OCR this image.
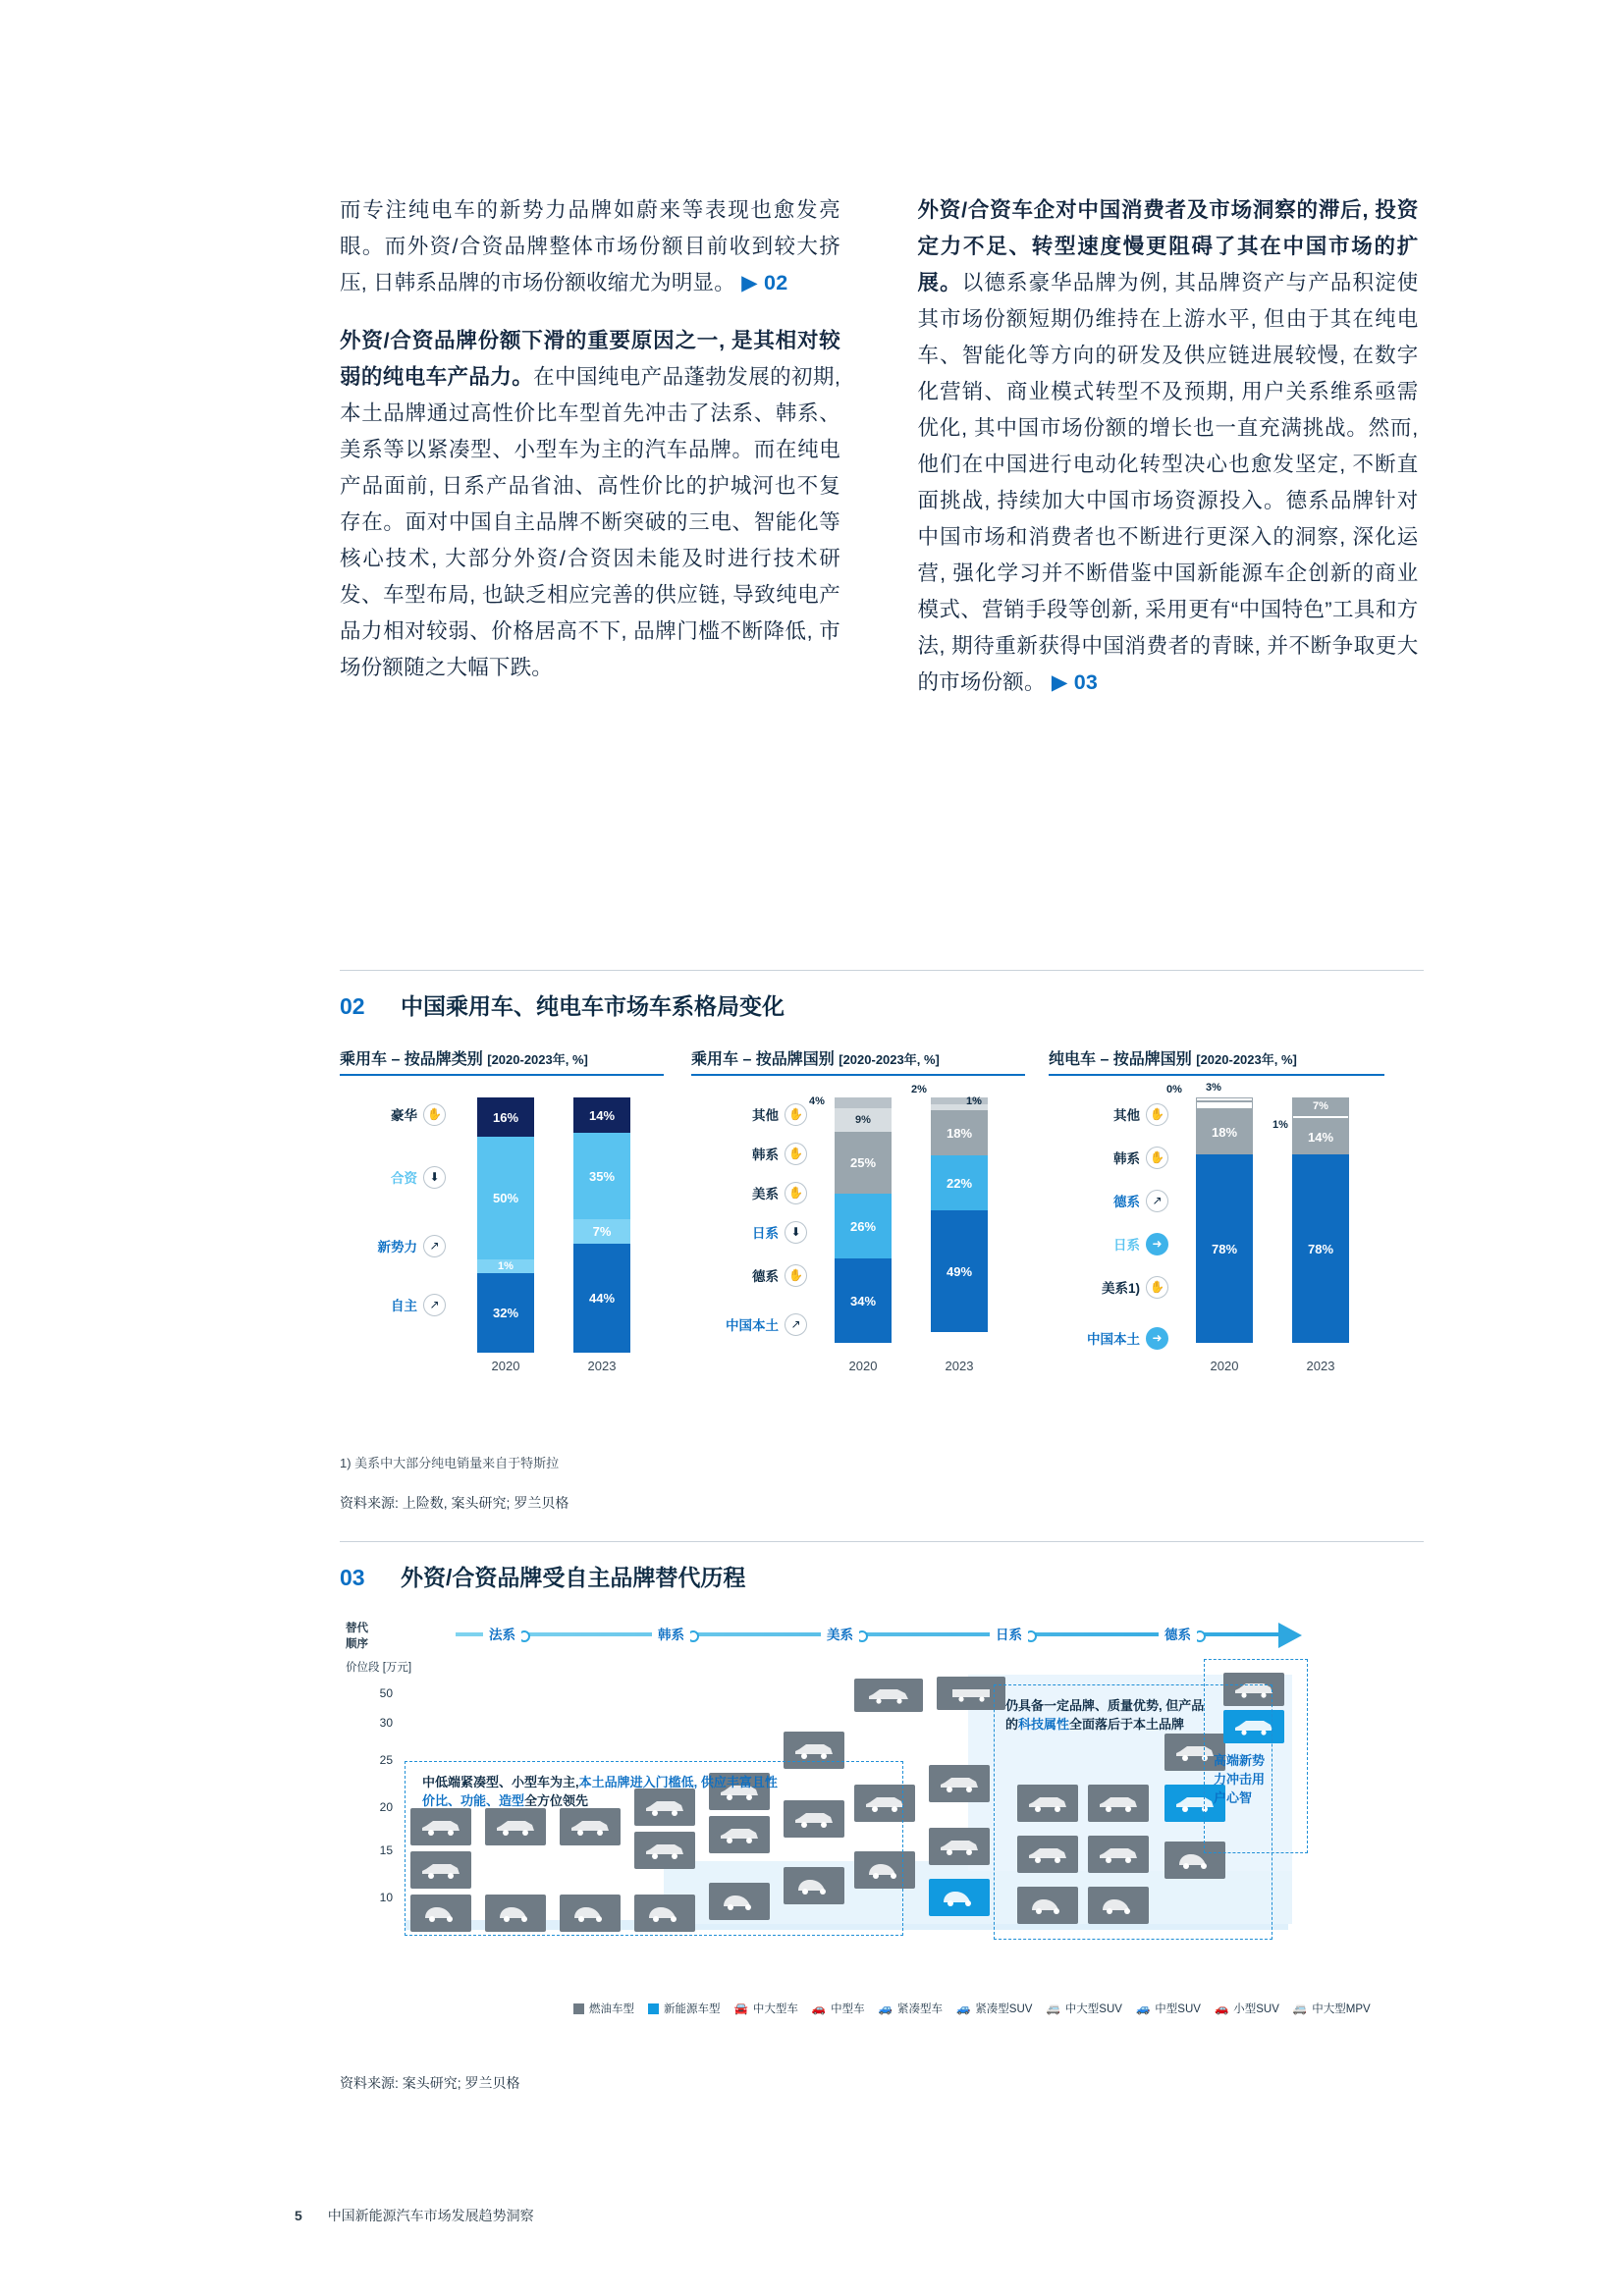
而专注纯电车的新势力品牌如蔚来等表现也愈发亮眼。而外资/合资品牌整体市场份额目前收到较大挤压, 日韩系品牌的市场份额收缩尤为明显。 ▶ 02

外资/合资品牌份额下滑的重要原因之一, 是其相对较弱的纯电车产品力。在中国纯电产品蓬勃发展的初期, 本土品牌通过高性价比车型首先冲击了法系、韩系、美系等以紧凑型、小型车为主的汽车品牌。而在纯电产品面前, 日系产品省油、高性价比的护城河也不复存在。面对中国自主品牌不断突破的三电、智能化等核心技术, 大部分外资/合资因未能及时进行技术研发、车型布局, 也缺乏相应完善的供应链, 导致纯电产品力相对较弱、价格居高不下, 品牌门槛不断降低, 市场份额随之大幅下跌。

外资/合资车企对中国消费者及市场洞察的滞后, 投资定力不足、转型速度慢更阻碍了其在中国市场的扩展。以德系豪华品牌为例, 其品牌资产与产品积淀使其市场份额短期仍维持在上游水平, 但由于其在纯电车、智能化等方向的研发及供应链进展较慢, 在数字化营销、商业模式转型不及预期, 用户关系维系亟需优化, 其中国市场份额的增长也一直充满挑战。然而, 他们在中国进行电动化转型决心也愈发坚定, 不断直面挑战, 持续加大中国市场资源投入。德系品牌针对中国市场和消费者也不断进行更深入的洞察, 深化运营, 强化学习并不断借鉴中国新能源车企创新的商业模式、营销手段等创新, 采用更有“中国特色”工具和方法, 期待重新获得中国消费者的青睐, 并不断争取更大的市场份额。 ▶ 03

02	中国乘用车、纯电车市场车系格局变化
乘用车 – 按品牌类别 [2020-2023年, %]
豪华 ✋
合资	⬇
新势力	↗
自主	↗
16%
50%
1%
32%
14%
35%
7%
44%
2020	2023
乘用车 – 按品牌国别 [2020-2023年, %]
其他 ✋
韩系 ✋
美系 ✋
日系	⬇
德系 ✋
中国本土	↗
9%
25%
26%
34%
4%
18%
22%
49%
2%
1%
2020	2023
纯电车 – 按品牌国别 [2020-2023年, %]
其他 ✋
韩系 ✋
德系	↗
日系	➜
美系1) ✋
中国本土	➜
18%
78%
0% 3%
7%
14%
78%
1%
2020	2023
1) 美系中大部分纯电销量来自于特斯拉
资料来源: 上险数, 案头研究; 罗兰贝格
03	外资/合资品牌受自主品牌替代历程
替代
顺序
法系	韩系	美系	日系	德系
价位段 [万元]
50
30
25
20
15
10
中低端紧凑型、小型车为主,本土品牌进入门槛低, 供应丰富且性
价比、功能、造型全方位领先
仍具备一定品牌、质量优势, 但产品
的科技属性全面落后于本土品牌
高端新势
力冲击用
户心智
燃油车型	新能源车型 🚘 中大型车 🚗 中型车 🚙 紧凑型车 🚙 紧凑型SUV 🚐 中大型SUV 🚙 中型SUV 🚗 小型SUV 🚐 中大型MPV
资料来源: 案头研究; 罗兰贝格
5 中国新能源汽车市场发展趋势洞察
